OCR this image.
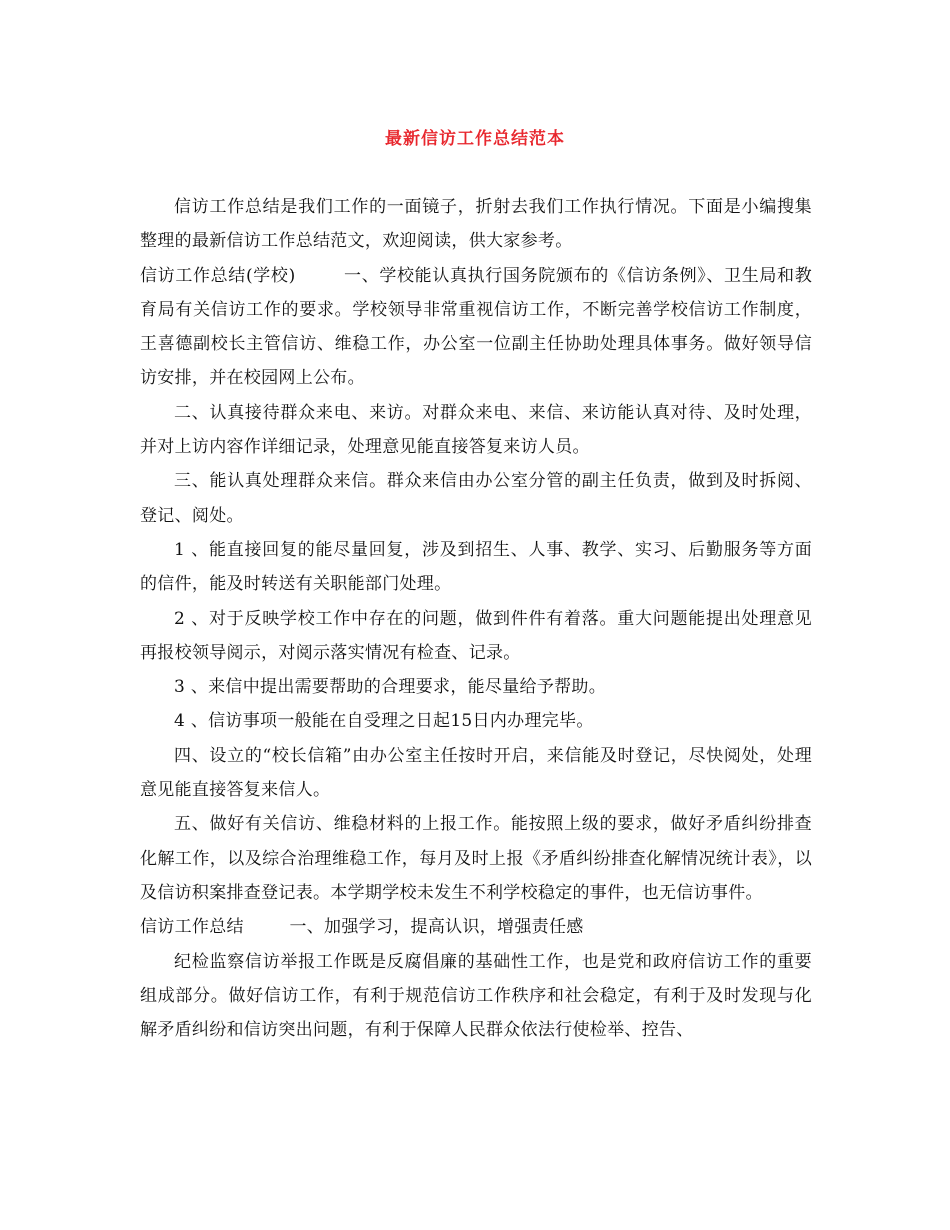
最新信访工作总结范本

信访工作总结是我们工作的一面镜子，折射去我们工作执行情况。下面是小编搜集整理的最新信访工作总结范文，欢迎阅读，供大家参考。

信访工作总结(学校)	一、学校能认真执行国务院颁布的《信访条例》、卫生局和教育局有关信访工作的要求。学校领导非常重视信访工作，不断完善学校信访工作制度，王喜德副校长主管信访、维稳工作，办公室一位副主任协助处理具体事务。做好领导信访安排，并在校园网上公布。

二、认真接待群众来电、来访。对群众来电、来信、来访能认真对待、及时处理，并对上访内容作详细记录，处理意见能直接答复来访人员。

三、能认真处理群众来信。群众来信由办公室分管的副主任负责，做到及时拆阅、登记、阅处。

1 、能直接回复的能尽量回复，涉及到招生、人事、教学、实习、后勤服务等方面的信件，能及时转送有关职能部门处理。

2 、对于反映学校工作中存在的问题，做到件件有着落。重大问题能提出处理意见再报校领导阅示，对阅示落实情况有检查、记录。

3 、来信中提出需要帮助的合理要求，能尽量给予帮助。

4 、信访事项一般能在自受理之日起15日内办理完毕。

四、设立的“校长信箱”由办公室主任按时开启，来信能及时登记，尽快阅处，处理意见能直接答复来信人。

五、做好有关信访、维稳材料的上报工作。能按照上级的要求，做好矛盾纠纷排查化解工作，以及综合治理维稳工作，每月及时上报《矛盾纠纷排查化解情况统计表》，以及信访积案排查登记表。本学期学校未发生不利学校稳定的事件，也无信访事件。

信访工作总结	一、加强学习，提高认识，增强责任感

纪检监察信访举报工作既是反腐倡廉的基础性工作，也是党和政府信访工作的重要组成部分。做好信访工作，有利于规范信访工作秩序和社会稳定，有利于及时发现与化解矛盾纠纷和信访突出问题，有利于保障人民群众依法行使检举、控告、
